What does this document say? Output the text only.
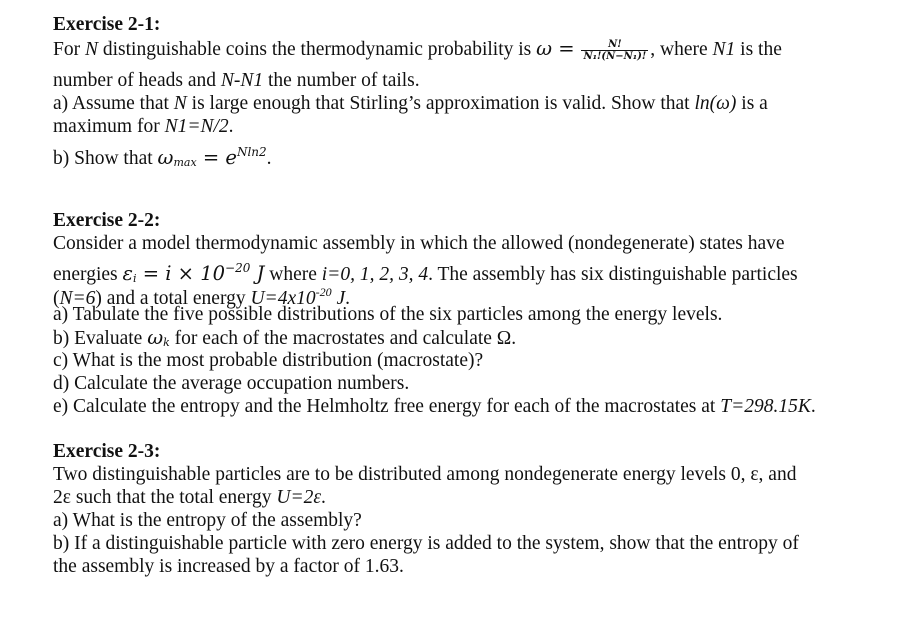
Exercise 2-1:
For N distinguishable coins the thermodynamic probability is $\omega = \frac{N!}{\text{N₁!(N−N₁)!}}$ , where N1 is the
number of heads and N-N1 the number of tails.
a) Assume that N is large enough that Stirling’s approximation is valid. Show that ln(ω) is a
maximum for N1=N/2.
b) Show that $\omega\max = e^{Nln2}$.
Exercise 2-2:
Consider a model thermodynamic assembly in which the allowed (nondegenerate) states have
energies $\varepsilon i = i \times 10^{-20}$ J where i=0, 1, 2, 3, 4. The assembly has six distinguishable particles
(N=6) and a total energy $U=4x10^{-20}$ J.
a) Tabulate the five possible distributions of the six particles among the energy levels.
b) Evaluate ωk for each of the macrostates and calculate Ω.
c) What is the most probable distribution (macrostate)?
d) Calculate the average occupation numbers.
e) Calculate the entropy and the Helmholtz free energy for each of the macrostates at T=298.15K.
Exercise 2-3:
Two distinguishable particles are to be distributed among nondegenerate energy levels 0, ε, and
2ε such that the total energy U=2ε.
a) What is the entropy of the assembly?
b) If a distinguishable particle with zero energy is added to the system, show that the entropy of
the assembly is increased by a factor of 1.63.
